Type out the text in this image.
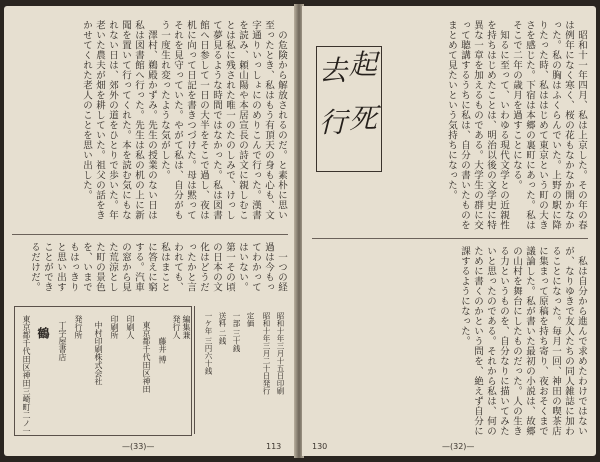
の危険から解放されるのだ。と素朴に思い至ったとき、私はもう有頂天の身も心も、文字通りいっしょにのめりこんで行った。漢書を読み、頼山陽や本居宣長の詩文に親しむことは私に残された唯一のたのしみで、けっして夢見るような時間ではなかった。私は図書館へ日参して一日の大半をそこで過し、夜は机に向って日記を書きつづけた。母は黙ってそれを見守っていた。やがて私は、自分がもう一度生れ変ったような気がした。

澤村、鵜殿かずみ。先生の授業のない日は私は図書館へ行った。先生は私の机の上に新聞を置いて行ってくれた。本を読む気にもなれない日は、郊外の道をひとりで歩いた。年老いた農夫が畑を耕していた。祖父の話をきかせてくれた老人のことを思い出した。

一つの経過は今もってわかってはいない。第一その頃の日本の文化はどうだったかと言われても、私はまことに答えに窮する。汽車の窓から見た荒涼とした町の景色を、いまでもはっきりと思い出すことができるだけだ。

東京都千代田区神田三崎町二ノ一 鶴 丁字屋書店 発行所 中村印刷株式会社 印刷所 印刷人 東京都千代田区神田 藤井 博
発行人 編集兼 一ケ年 三円六十銭 送料 二銭 一部 三十銭 定価 昭和十年三月二十日発行 昭和十年三月十五日印刷
—(33)—	113

昭和十一年四月、私は上京した。その年の春は例年になく寒く、桜の花もなかなか開かなかった。私の胸はふくらんでいた。上野の駅に降りたった時、私ははじめて東京という町の大きさを感じた。下宿は本郷の裏町にあった。私はそこで二年の歳月を過すことになる。

知るに至って、いわゆる現代文学との近親性を持ちはじめたことは、明治以後の文学史に特異な一章を加えるものである。大学生の群に交って聴講するうちに私は、自分の書いたものをまとめて見たいという気持ちになった。

起
死
行
去

私は自分から進んで求めたわけではないが、なりゆきで友人たちの同人雑誌に加わることになった。毎月一回、神田の喫茶店に集まって原稿を持ち寄り、夜おそくまで議論した。私が書いた最初の小説は、故郷の山村を舞台にしたものだった。人の生きる力というものを、自分なりに描いてみたいと思ったのである。それから私は、何のために書くのかという問を、絶えず自分に課するようになった。

130	—(32)—
